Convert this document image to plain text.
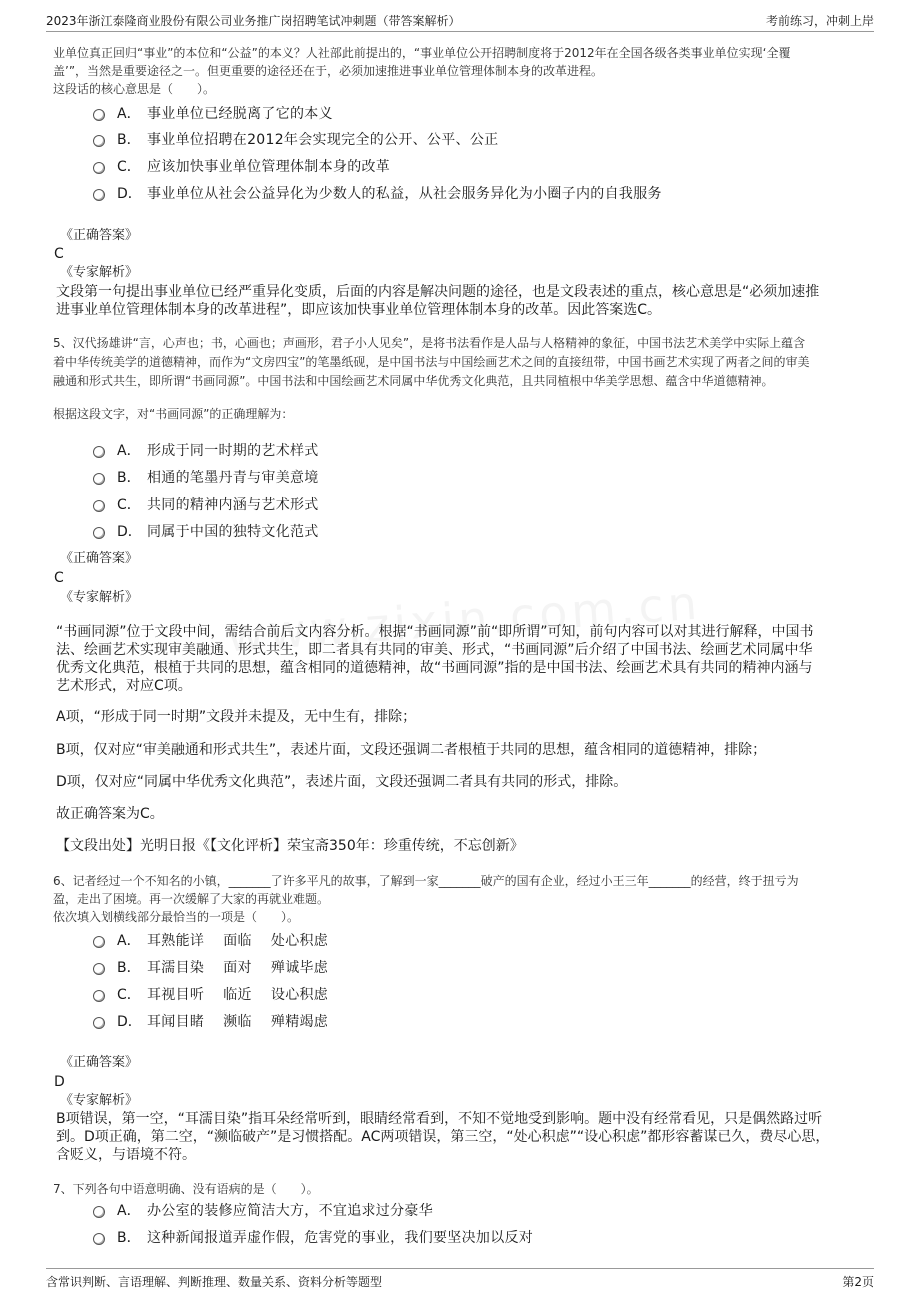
2023年浙江泰隆商业股份有限公司业务推广岗招聘笔试冲刺题（带答案解析）	考前练习，冲刺上岸
业单位真正回归“事业”的本位和“公益”的本义？人社部此前提出的，“事业单位公开招聘制度将于2012年在全国各级各类事业单位实现‘全覆
盖’”，当然是重要途径之一。但更重要的途径还在于，必须加速推进事业单位管理体制本身的改革进程。
这段话的核心意思是（　　）。
A． 事业单位已经脱离了它的本义
B． 事业单位招聘在2012年会实现完全的公开、公平、公正
C． 应该加快事业单位管理体制本身的改革
D． 事业单位从社会公益异化为少数人的私益，从社会服务异化为小圈子内的自我服务
《正确答案》
C
《专家解析》
文段第一句提出事业单位已经严重异化变质，后面的内容是解决问题的途径，也是文段表述的重点，核心意思是“必须加速推
进事业单位管理体制本身的改革进程”，即应该加快事业单位管理体制本身的改革。因此答案选C。
5、汉代扬雄讲“言，心声也；书，心画也；声画形，君子小人见矣”，是将书法看作是人品与人格精神的象征，中国书法艺术美学中实际上蕴含
着中华传统美学的道德精神，而作为“文房四宝”的笔墨纸砚，是中国书法与中国绘画艺术之间的直接纽带，中国书画艺术实现了两者之间的审美
融通和形式共生，即所谓“书画同源”。中国书法和中国绘画艺术同属中华优秀文化典范，且共同植根中华美学思想、蕴含中华道德精神。
根据这段文字，对“书画同源”的正确理解为：
A． 形成于同一时期的艺术样式
B． 相通的笔墨丹青与审美意境
C． 共同的精神内涵与艺术形式
D． 同属于中国的独特文化范式
《正确答案》
C
《专家解析》
“书画同源”位于文段中间，需结合前后文内容分析。根据“书画同源”前“即所谓”可知，前句内容可以对其进行解释，中国书
法、绘画艺术实现审美融通、形式共生，即二者具有共同的审美、形式，“书画同源”后介绍了中国书法、绘画艺术同属中华
优秀文化典范，根植于共同的思想，蕴含相同的道德精神，故“书画同源”指的是中国书法、绘画艺术具有共同的精神内涵与
艺术形式，对应C项。
A项，“形成于同一时期”文段并未提及，无中生有，排除；
B项，仅对应“审美融通和形式共生”，表述片面，文段还强调二者根植于共同的思想，蕴含相同的道德精神，排除；
D项，仅对应“同属中华优秀文化典范”，表述片面，文段还强调二者具有共同的形式，排除。
故正确答案为C。
【文段出处】光明日报《【文化评析】荣宝斋350年：珍重传统，不忘创新》
6、记者经过一个不知名的小镇，_______了许多平凡的故事，了解到一家_______破产的国有企业，经过小王三年_______的经营，终于扭亏为
盈，走出了困境。再一次缓解了大家的再就业难题。
依次填入划横线部分最恰当的一项是（　　）。
A． 耳熟能详　 面临　 处心积虑
B． 耳濡目染　 面对　 殚诚毕虑
C． 耳视目听　 临近　 设心积虑
D． 耳闻目睹　 濒临　 殚精竭虑
《正确答案》
D
《专家解析》
B项错误，第一空，“耳濡目染”指耳朵经常听到，眼睛经常看到，不知不觉地受到影响。题中没有经常看见，只是偶然路过听
到。D项正确，第二空，“濒临破产”是习惯搭配。AC两项错误，第三空，“处心积虑”“设心积虑”都形容蓄谋已久，费尽心思，
含贬义，与语境不符。
7、下列各句中语意明确、没有语病的是（　　）。
A． 办公室的装修应简洁大方，不宜追求过分豪华
B． 这种新闻报道弄虚作假，危害党的事业，我们要坚决加以反对
含常识判断、言语理解、判断推理、数量关系、资料分析等题型	第2页
